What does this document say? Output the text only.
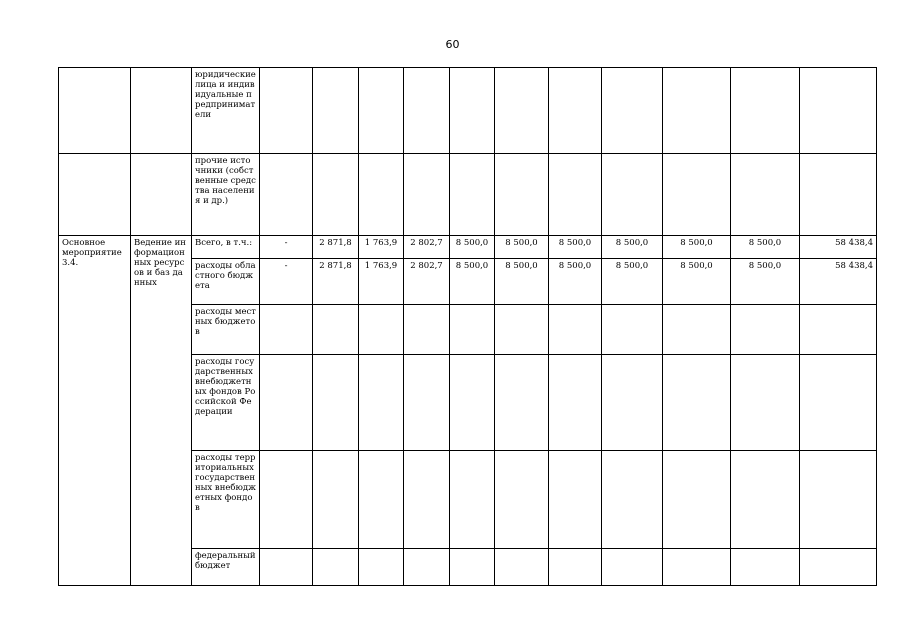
60
		юридические лица и индивидуальные предприниматели											
		прочие источники (собственные средства населения и др.)											
Основное мероприятие 3.4.	Ведение информационных ресурсов и баз данных	Всего, в т.ч.:	-	2 871,8	1 763,9	2 802,7	8 500,0	8 500,0	8 500,0	8 500,0	8 500,0	8 500,0	58 438,4
		расходы областного бюджета	-	2 871,8	1 763,9	2 802,7	8 500,0	8 500,0	8 500,0	8 500,0	8 500,0	8 500,0	58 438,4
		расходы местных бюджетов											
		расходы государственных внебюджетных фондов Российской Федерации											
		расходы территориальных государственных внебюджетных фондов											
		федеральный бюджет											
